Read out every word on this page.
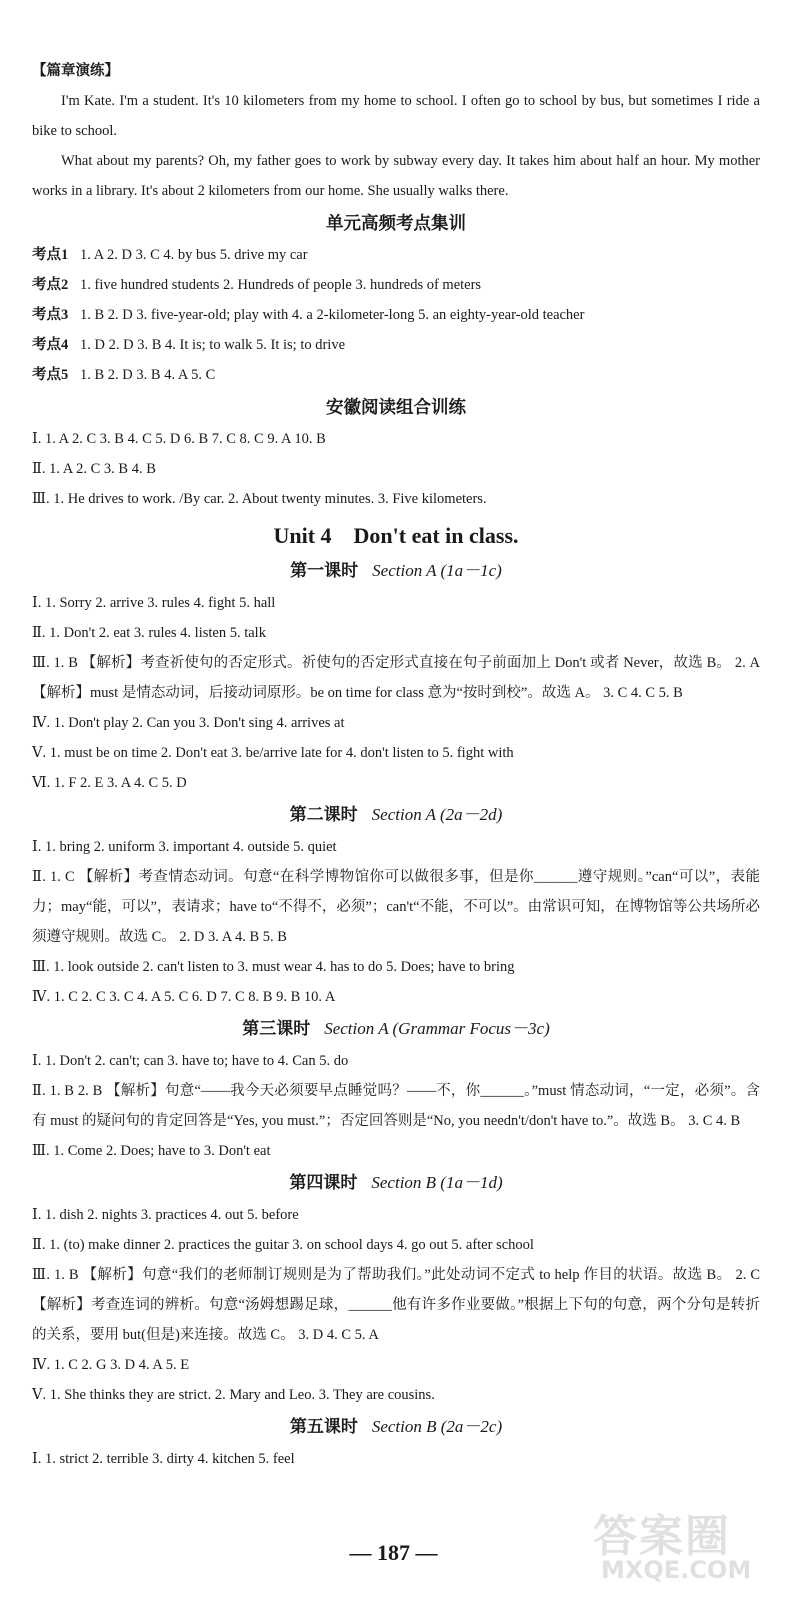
【篇章演练】
I'm Kate. I'm a student. It's 10 kilometers from my home to school. I often go to school by bus, but sometimes I ride a bike to school.
What about my parents? Oh, my father goes to work by subway every day. It takes him about half an hour. My mother works in a library. It's about 2 kilometers from our home. She usually walks there.
单元高频考点集训
考点1 1. A 2. D 3. C 4. by bus 5. drive my car
考点2 1. five hundred students 2. Hundreds of people 3. hundreds of meters
考点3 1. B 2. D 3. five-year-old; play with 4. a 2-kilometer-long 5. an eighty-year-old teacher
考点4 1. D 2. D 3. B 4. It is; to walk 5. It is; to drive
考点5 1. B 2. D 3. B 4. A 5. C
安徽阅读组合训练
Ⅰ. 1. A 2. C 3. B 4. C 5. D 6. B 7. C 8. C 9. A 10. B
Ⅱ. 1. A 2. C 3. B 4. B
Ⅲ. 1. He drives to work. /By car. 2. About twenty minutes. 3. Five kilometers.
Unit 4    Don't eat in class.
第一课时 Section A (1a－1c)
Ⅰ. 1. Sorry 2. arrive 3. rules 4. fight 5. hall
Ⅱ. 1. Don't 2. eat 3. rules 4. listen 5. talk
Ⅲ. 1. B 【解析】考查祈使句的否定形式。祈使句的否定形式直接在句子前面加上 Don't 或者 Never，故选 B。 2. A 【解析】must 是情态动词，后接动词原形。be on time for class 意为“按时到校”。故选 A。 3. C 4. C 5. B
Ⅳ. 1. Don't play 2. Can you 3. Don't sing 4. arrives at
Ⅴ. 1. must be on time 2. Don't eat 3. be/arrive late for 4. don't listen to 5. fight with
Ⅵ. 1. F 2. E 3. A 4. C 5. D
第二课时 Section A (2a－2d)
Ⅰ. 1. bring 2. uniform 3. important 4. outside 5. quiet
Ⅱ. 1. C 【解析】考查情态动词。句意“在科学博物馆你可以做很多事，但是你______遵守规则。”can“可以”，表能力；may“能，可以”，表请求；have to“不得不，必须”；can't“不能，不可以”。由常识可知，在博物馆等公共场所必须遵守规则。故选 C。 2. D 3. A 4. B 5. B
Ⅲ. 1. look outside 2. can't listen to 3. must wear 4. has to do 5. Does; have to bring
Ⅳ. 1. C 2. C 3. C 4. A 5. C 6. D 7. C 8. B 9. B 10. A
第三课时 Section A (Grammar Focus－3c)
Ⅰ. 1. Don't 2. can't; can 3. have to; have to 4. Can 5. do
Ⅱ. 1. B 2. B 【解析】句意“——我今天必须要早点睡觉吗？——不，你______。”must 情态动词，“一定，必须”。含有 must 的疑问句的肯定回答是“Yes, you must.”；否定回答则是“No, you needn't/don't have to.”。故选 B。 3. C 4. B
Ⅲ. 1. Come 2. Does; have to 3. Don't eat
第四课时 Section B (1a－1d)
Ⅰ. 1. dish 2. nights 3. practices 4. out 5. before
Ⅱ. 1. (to) make dinner 2. practices the guitar 3. on school days 4. go out 5. after school
Ⅲ. 1. B 【解析】句意“我们的老师制订规则是为了帮助我们。”此处动词不定式 to help 作目的状语。故选 B。 2. C 【解析】考查连词的辨析。句意“汤姆想踢足球，______他有许多作业要做。”根据上下句的句意，两个分句是转折的关系，要用 but(但是)来连接。故选 C。 3. D 4. C 5. A
Ⅳ. 1. C 2. G 3. D 4. A 5. E
Ⅴ. 1. She thinks they are strict. 2. Mary and Leo. 3. They are cousins.
第五课时 Section B (2a－2c)
Ⅰ. 1. strict 2. terrible 3. dirty 4. kitchen 5. feel
— 187 —	答案圈
MXQE.COM
